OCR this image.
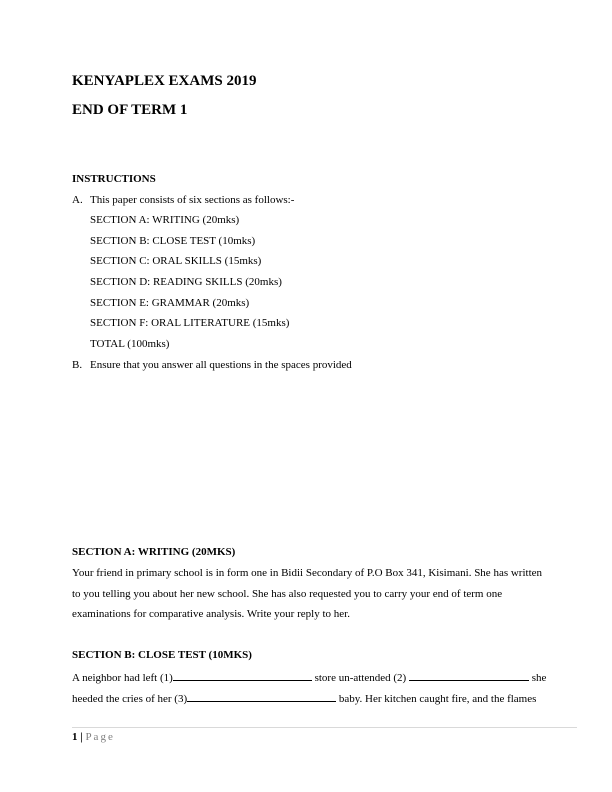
KENYAPLEX EXAMS 2019
END OF TERM 1
INSTRUCTIONS
A. This paper consists of six sections as follows:-
SECTION A: WRITING (20mks)
SECTION B: CLOSE TEST (10mks)
SECTION C: ORAL SKILLS (15mks)
SECTION D: READING SKILLS (20mks)
SECTION E: GRAMMAR (20mks)
SECTION F: ORAL LITERATURE (15mks)
TOTAL (100mks)
B. Ensure that you answer all questions in the spaces provided
SECTION A: WRITING (20MKS)
Your friend in primary school is in form one in Bidii Secondary of P.O Box 341, Kisimani. She has written to you telling you about her new school. She has also requested you to carry your end of term one examinations for comparative analysis. Write your reply to her.
SECTION B: CLOSE TEST (10MKS)
A neighbor had left (1)	store un-attended (2)	she
heeded the cries of her (3)	baby. Her kitchen caught fire, and the flames
1 | Page
